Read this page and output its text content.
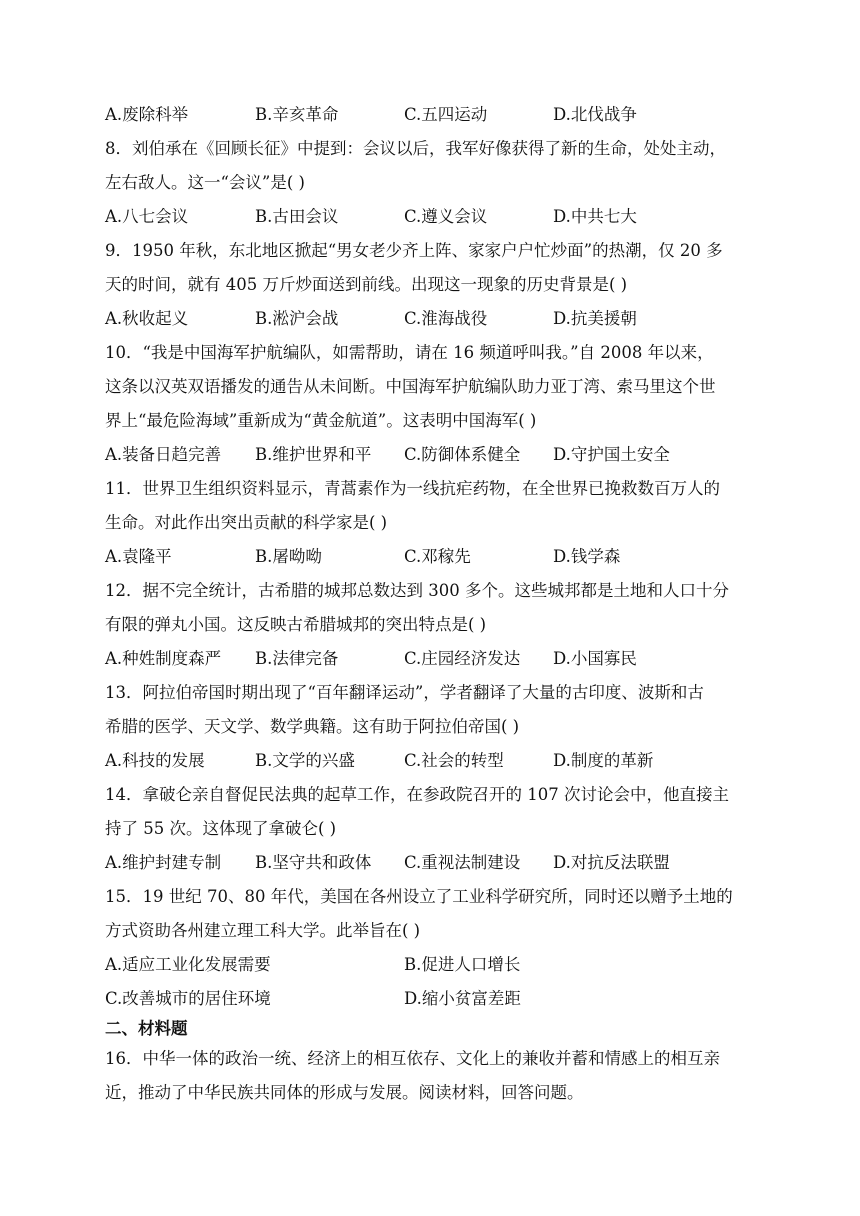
A.废除科举	B.辛亥革命	C.五四运动	D.北伐战争
8．刘伯承在《回顾长征》中提到：会议以后，我军好像获得了新的生命，处处主动，
左右敌人。这一“会议”是( )
A.八七会议	B.古田会议	C.遵义会议	D.中共七大
9．1950 年秋，东北地区掀起“男女老少齐上阵、家家户户忙炒面”的热潮，仅 20 多
天的时间，就有 405 万斤炒面送到前线。出现这一现象的历史背景是( )
A.秋收起义	B.淞沪会战	C.淮海战役	D.抗美援朝
10．“我是中国海军护航编队，如需帮助，请在 16 频道呼叫我。”自 2008 年以来，
这条以汉英双语播发的通告从未间断。中国海军护航编队助力亚丁湾、索马里这个世
界上“最危险海域”重新成为“黄金航道”。这表明中国海军( )
A.装备日趋完善 B.维护世界和平 C.防御体系健全 D.守护国土安全
11．世界卫生组织资料显示，青蒿素作为一线抗疟药物，在全世界已挽救数百万人的
生命。对此作出突出贡献的科学家是( )
A.袁隆平	B.屠呦呦	C.邓稼先	D.钱学森
12．据不完全统计，古希腊的城邦总数达到 300 多个。这些城邦都是土地和人口十分
有限的弹丸小国。这反映古希腊城邦的突出特点是( )
A.种姓制度森严 B.法律完备	C.庄园经济发达 D.小国寡民
13．阿拉伯帝国时期出现了“百年翻译运动”，学者翻译了大量的古印度、波斯和古
希腊的医学、天文学、数学典籍。这有助于阿拉伯帝国( )
A.科技的发展	B.文学的兴盛	C.社会的转型	D.制度的革新
14．拿破仑亲自督促民法典的起草工作，在参政院召开的 107 次讨论会中，他直接主
持了 55 次。这体现了拿破仑( )
A.维护封建专制 B.坚守共和政体 C.重视法制建设 D.对抗反法联盟
15．19 世纪 70、80 年代，美国在各州设立了工业科学研究所，同时还以赠予土地的
方式资助各州建立理工科大学。此举旨在( )
A.适应工业化发展需要	B.促进人口增长
C.改善城市的居住环境	D.缩小贫富差距
二、材料题
16．中华一体的政治一统、经济上的相互依存、文化上的兼收并蓄和情感上的相互亲
近，推动了中华民族共同体的形成与发展。阅读材料，回答问题。
